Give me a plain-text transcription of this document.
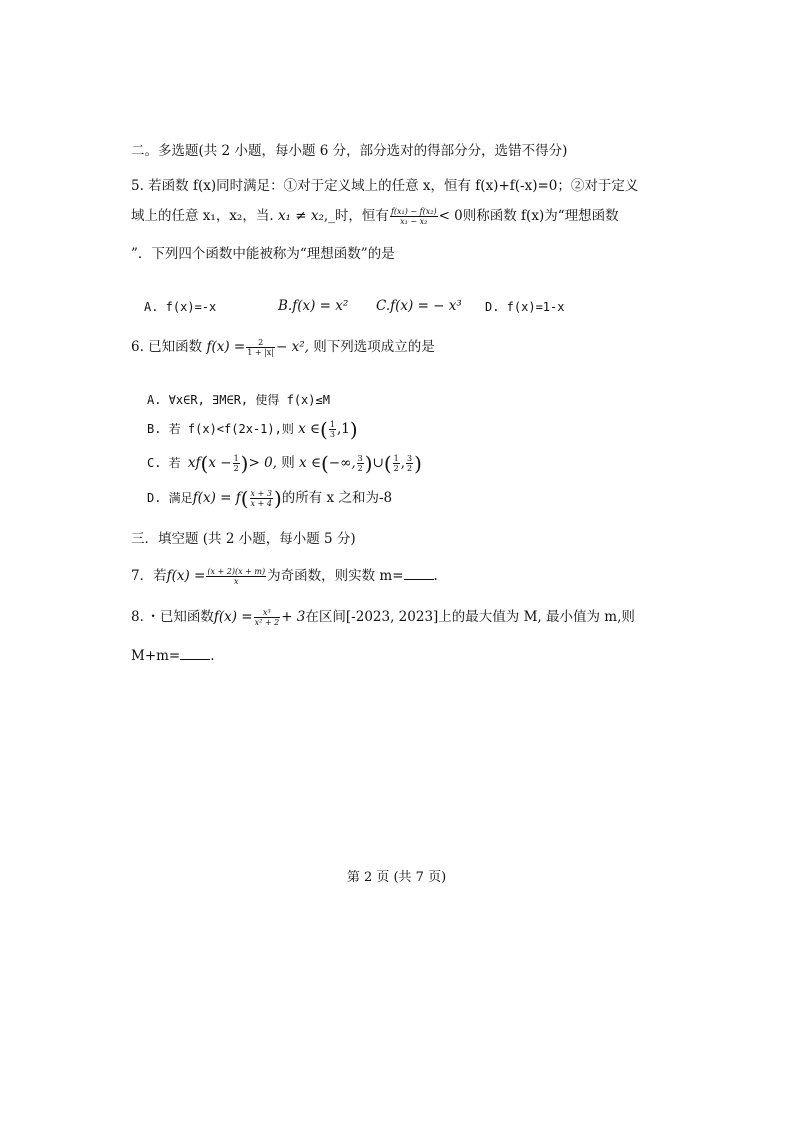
二。多选题(共 2 小题，每小题 6 分，部分选对的得部分分，选错不得分)
5. 若函数 f(x)同时满足：①对于定义域上的任意 x，恒有 f(x)+f(-x)=0；②对于定义
域上的任意 x₁，x₂，当. x₁ ≠ x₂,_时，恒有 $\frac{\text{f(x₁) − f(x₂)}}{\text{x₁ − x₂}} < 0$则称函数 f(x)为“理想函数
”．下列四个函数中能被称为“理想函数”的是
A. f(x)=-x	B.f(x) = x² C.f(x) = − x³ D. f(x)=1-x
6. 已知函数 $f(x) = \frac{2}{1 + |x|} - x^2$, 则下列选项成立的是
A. ∀x∈R, ∃M∈R, 使得 f(x)≤M
B. 若 f(x)<f(2x-1),则 x ∈( $\frac{1}{3} ,1$)
C. 若 $xf(x - \frac{1}{2}$ )> 0, 则 x ∈(−∞, $\frac{3}{2}$ )∪( $\frac{1}{2}$ , $\frac{3}{2}$ )
D. 满足$f(x) = f( \frac{x + 3}{x + 4}$ )的所有 x 之和为-8
三．填空题 (共 2 小题，每小题 5 分)
7．若$f(x) = \frac{(x + 2)(x + m)}{x}$ 为奇函数，则实数 m= .
8．・已知函数$f(x) = \frac{\text{x³}}{\text{x² + 2}} + 3$在区间[-2023, 2023]上的最大值为 M, 最小值为 m,则
M+m= .
第 2 页 (共 7 页)
